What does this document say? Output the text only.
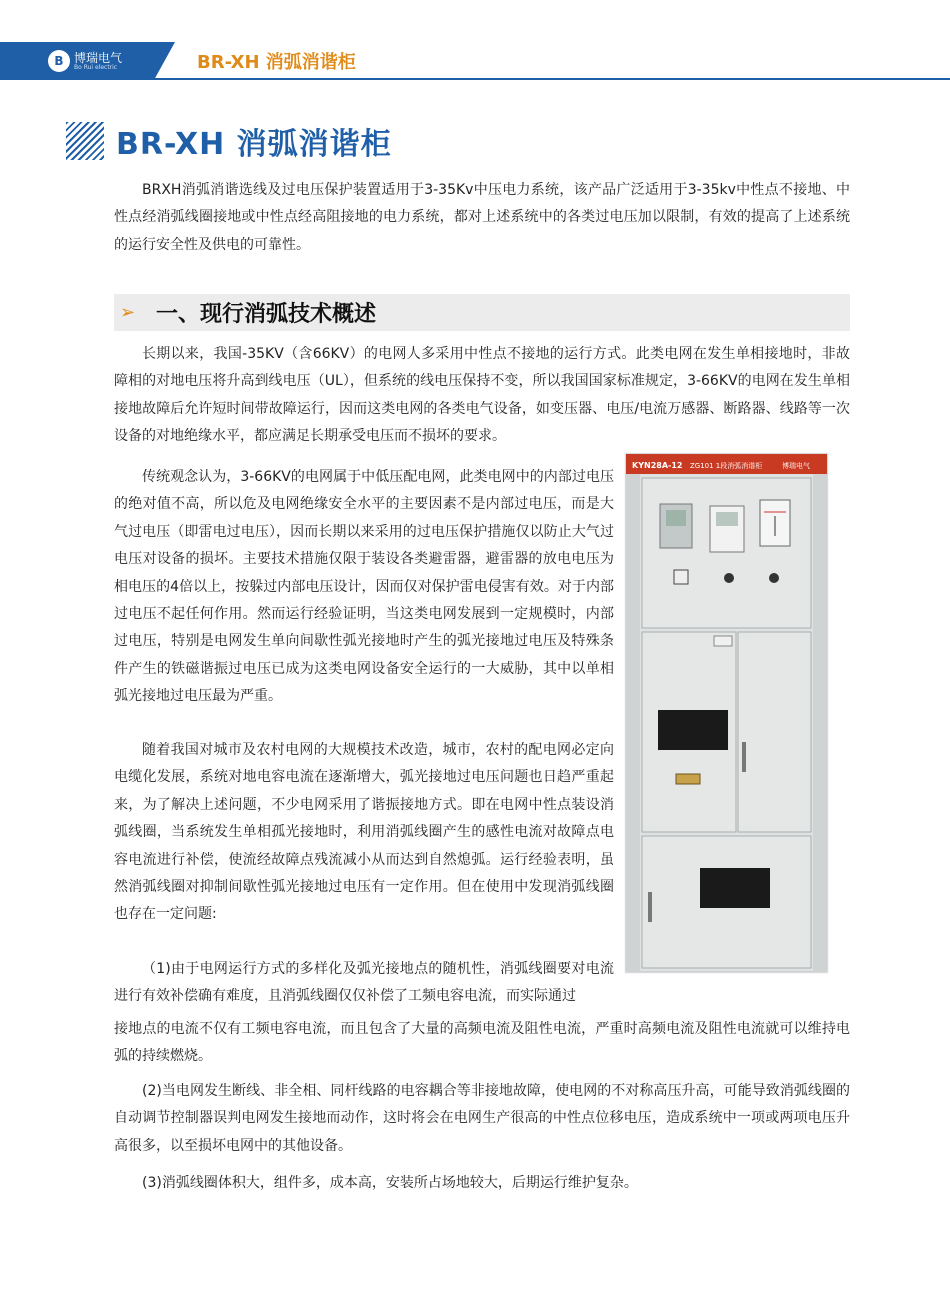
B 博瑞电气
Bo Rui electric	BR-XH 消弧消谐柜
BR-XH 消弧消谐柜

BRXH消弧消谐选线及过电压保护装置适用于3-35Kv中压电力系统，该产品广泛适用于3-35kv中性点不接地、中性点经消弧线圈接地或中性点经高阻接地的电力系统，都对上述系统中的各类过电压加以限制，有效的提高了上述系统的运行安全性及供电的可靠性。

➢ 一、现行消弧技术概述

长期以来，我国-35KV（含66KV）的电网人多采用中性点不接地的运行方式。此类电网在发生单相接地时，非故障相的对地电压将升高到线电压（UL），但系统的线电压保持不变，所以我国国家标准规定，3-66KV的电网在发生单相接地故障后允许短时间带故障运行，因而这类电网的各类电气设备，如变压器、电压/电流万感器、断路器、线路等一次设备的对地绝缘水平，都应满足长期承受电压而不损坏的要求。

传统观念认为，3-66KV的电网属于中低压配电网，此类电网中的内部过电压的绝对值不高，所以危及电网绝缘安全水平的主要因素不是内部过电压，而是大气过电压（即雷电过电压），因而长期以来采用的过电压保护措施仅以防止大气过电压对设备的损坏。主要技术措施仅限于装设各类避雷器，避雷器的放电电压为相电压的4倍以上，按躲过内部电压设计，因而仅对保护雷电侵害有效。对于内部过电压不起任何作用。然而运行经验证明，当这类电网发展到一定规模时，内部过电压，特别是电网发生单向间歇性弧光接地时产生的弧光接地过电压及特殊条件产生的铁磁谐振过电压已成为这类电网设备安全运行的一大威胁，其中以单相弧光接地过电压最为严重。

随着我国对城市及农村电网的大规模技术改造，城市，农村的配电网必定向电缆化发展，系统对地电容电流在逐渐增大，弧光接地过电压问题也日趋严重起来，为了解决上述问题，不少电网采用了谐振接地方式。即在电网中性点装设消弧线圈，当系统发生单相孤光接地时，利用消弧线圈产生的感性电流对故障点电容电流进行补偿，使流经故障点残流减小从而达到自然熄弧。运行经验表明，虽然消弧线圈对抑制间歇性弧光接地过电压有一定作用。但在使用中发现消弧线圈也存在一定问题:

（1)由于电网运行方式的多样化及弧光接地点的随机性，消弧线圈要对电流进行有效补偿确有难度，且消弧线圈仅仅补偿了工频电容电流，而实际通过

接地点的电流不仅有工频电容电流，而且包含了大量的高频电流及阻性电流，严重时高频电流及阻性电流就可以维持电弧的持续燃烧。

(2)当电网发生断线、非全相、同杆线路的电容耦合等非接地故障，使电网的不对称高压升高，可能导致消弧线圈的自动调节控制器误判电网发生接地而动作，这时将会在电网生产很高的中性点位移电压，造成系统中一项或两项电压升高很多，以至损坏电网中的其他设备。

(3)消弧线圈体积大，组件多，成本高，安装所占场地较大，后期运行维护复杂。

KYN28A-12 ZG101 1段消弧消谐柜	博瑞电气
